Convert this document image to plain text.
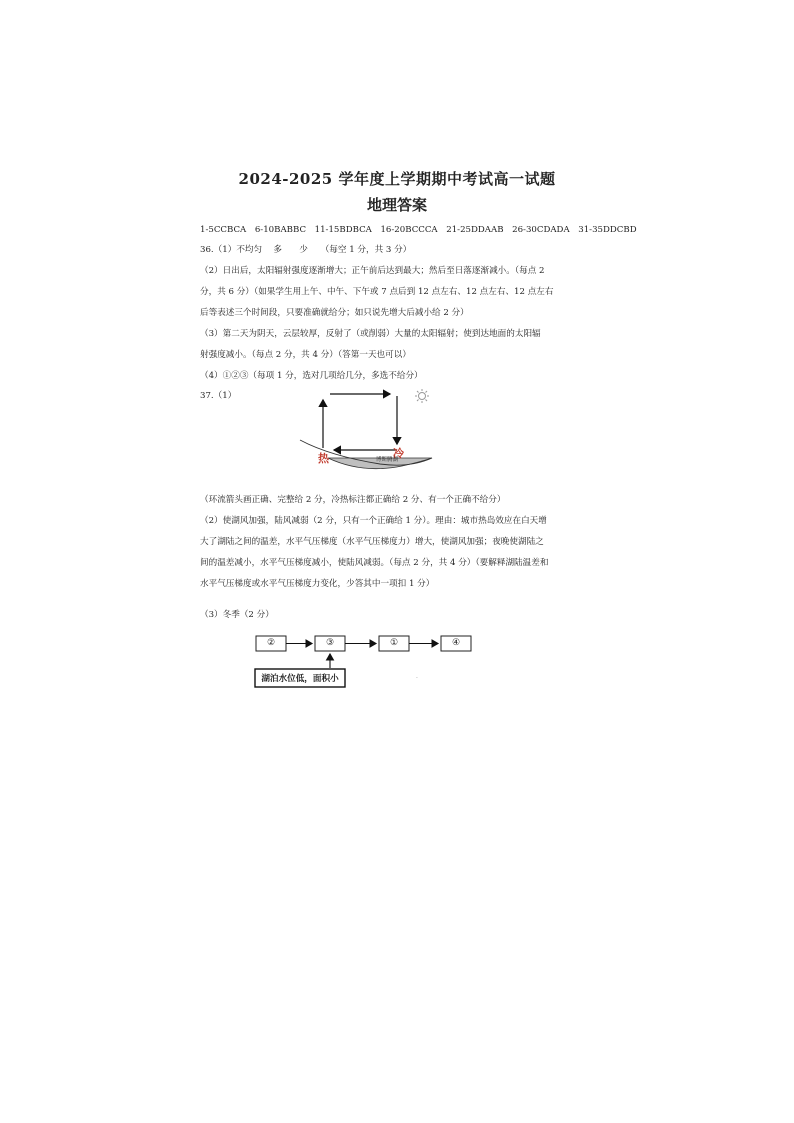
2024-2025 学年度上学期期中考试高一试题
地理答案
1-5CCBCA　6-10BABBC　11-15BDBCA　16-20BCCCA　21-25DDAAB　26-30CDADA　31-35DDCBD
36.（1）不均匀　 多　　少　　（每空 1 分，共 3 分）
（2）日出后，太阳辐射强度逐渐增大；正午前后达到最大；然后至日落逐渐减小。（每点 2
分，共 6 分）（如果学生用上午、中午、下午或 7 点后到 12 点左右、12 点左右、12 点左右
后等表述三个时间段，只要准确就给分；如只说先增大后减小给 2 分）
（3）第二天为阴天，云层较厚，反射了（或削弱）大量的太阳辐射；使到达地面的太阳辐
射强度减小。（每点 2 分，共 4 分）（答第一天也可以）
（4）①②③（每项 1 分，选对几项给几分，多选不给分）
37.（1）
热	冷
博斯腾湖
（环流箭头画正确、完整给 2 分，冷热标注都正确给 2 分、有一个正确不给分）
（2）使湖风加强，陆风减弱（2 分，只有一个正确给 1 分）。理由：城市热岛效应在白天增
大了湖陆之间的温差，水平气压梯度（水平气压梯度力）增大，使湖风加强；夜晚使湖陆之
间的温差减小，水平气压梯度减小，使陆风减弱。（每点 2 分，共 4 分）（要解释湖陆温差和
水平气压梯度或水平气压梯度力变化，少答其中一项扣 1 分）
（3）冬季（2 分）
②	③	①	④
湖泊水位低，面积小	·
